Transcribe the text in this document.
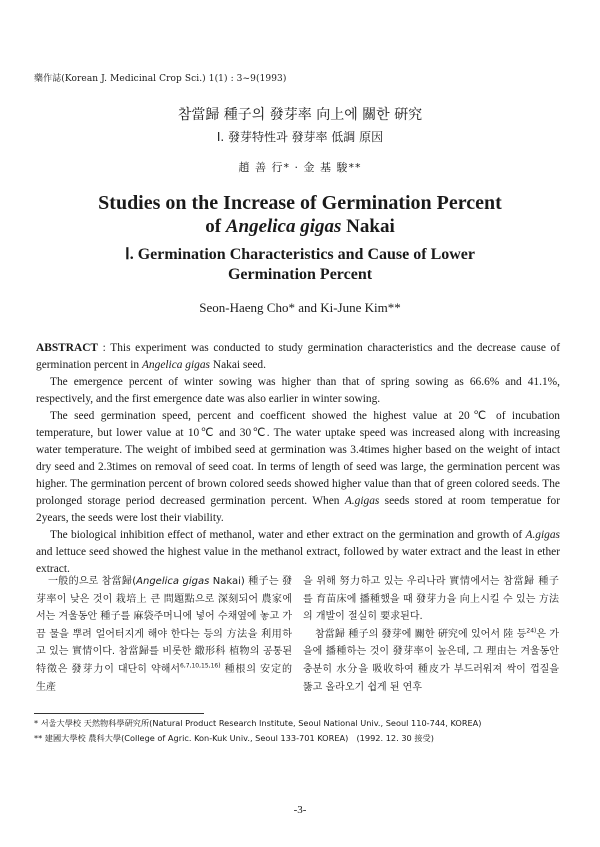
藥作誌(Korean J. Medicinal Crop Sci.) 1(1) : 3~9(1993)
참當歸 種子의 發芽率 向上에 關한 硏究
Ⅰ. 發芽特性과 發芽率 低調 原因
趙 善 行* · 金 基 駿**
Studies on the Increase of Germination Percent
of Angelica gigas Nakai
Ⅰ. Germination Characteristics and Cause of Lower
Germination Percent
Seon-Haeng Cho* and Ki-June Kim**

ABSTRACT : This experiment was conducted to study germination characteristics and the decrease cause of germination percent in Angelica gigas Nakai seed.

The emergence percent of winter sowing was higher than that of spring sowing as 66.6% and 41.1%, respectively, and the first emergence date was also earlier in winter sowing.

The seed germination speed, percent and coefficent showed the highest value at 20℃ of incubation temperature, but lower value at 10℃ and 30℃. The water uptake speed was increased along with increasing water temperature. The weight of imbibed seed at germination was 3.4times higher based on the weight of intact dry seed and 2.3times on removal of seed coat. In terms of length of seed was large, the germination percent was higher. The germination percent of brown colored seeds showed higher value than that of green colored seeds. The prolonged storage period decreased germination percent. When A.gigas seeds stored at room temperatue for 2years, the seeds were lost their viability.

The biological inhibition effect of methanol, water and ether extract on the germination and growth of A.gigas and lettuce seed showed the highest value in the methanol extract, followed by water extract and the least in ether extract.

一般的으로 참當歸(Angelica gigas Nakai) 種子는 發芽率이 낮은 것이 栽培上 큰 問題點으로 深刻되어 農家에서는 겨울동안 種子를 麻袋주머니에 넣어 수채옆에 놓고 가끔 물을 뿌려 얼어터지게 해야 한다는 등의 方法을 利用하고 있는 實情이다. 참當歸를 비롯한 繖形科 植物의 공통된 特徵은 發芽力이 대단히 약해서$^{6,7,10,15,16)}$ 種根의 安定的 生產

을 위해 努力하고 있는 우리나라 實情에서는 참當歸 種子를 育苗床에 播種했을 때 發芽力을 向上시킬 수 있는 方法의 개발이 절실히 要求된다.

참當歸 種子의 發芽에 關한 硏究에 있어서 陸 등$^{24)}$은 가을에 播種하는 것이 發芽率이 높은데, 그 理由는 겨울동안 충분히 水分을 吸收하여 種皮가 부드러워져 싹이 껍질을 뚫고 올라오기 쉽게 된 연후

* 서울大學校 天然物科學硏究所(Natural Product Research Institute, Seoul National Univ., Seoul 110-744, KOREA)
** 建國大學校 農科大學(College of Agric. Kon-Kuk Univ., Seoul 133-701 KOREA)　(1992. 12. 30 接受)
-3-
